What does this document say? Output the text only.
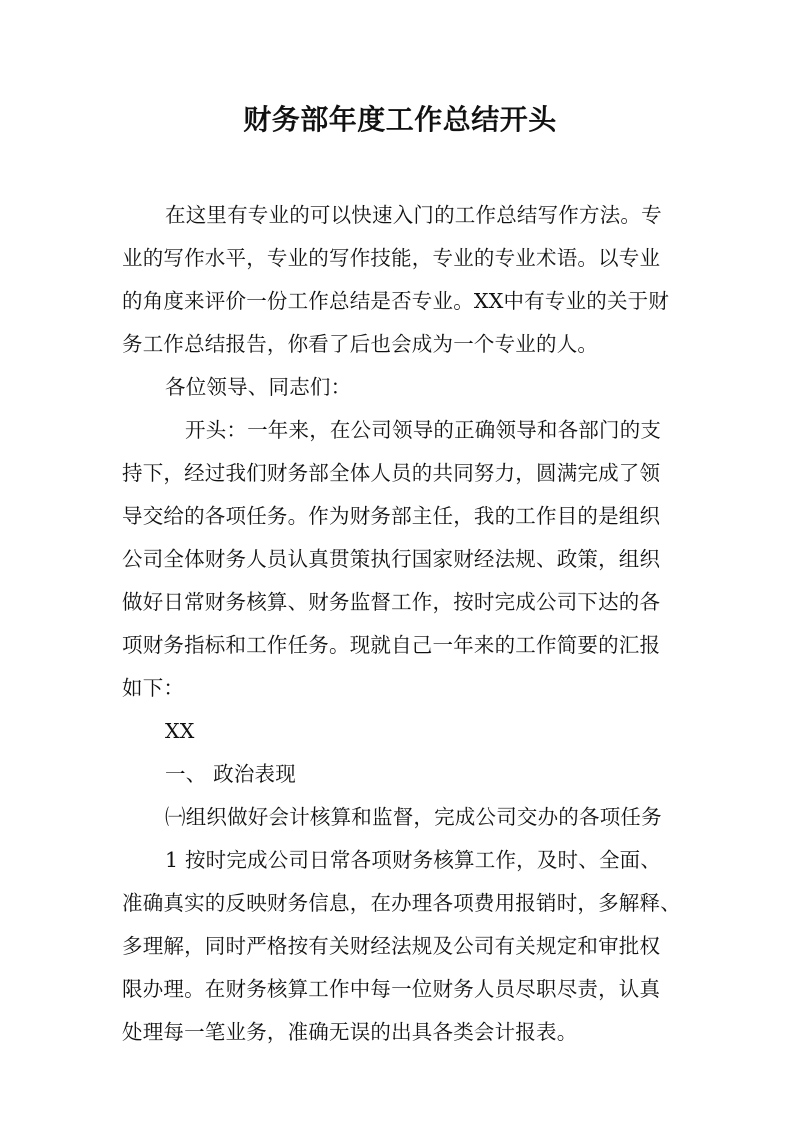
财务部年度工作总结开头
在这里有专业的可以快速入门的工作总结写作方法。专
业的写作水平，专业的写作技能，专业的专业术语。以专业
的角度来评价一份工作总结是否专业。XX中有专业的关于财
务工作总结报告，你看了后也会成为一个专业的人。
各位领导、同志们：
开头：一年来，在公司领导的正确领导和各部门的支
持下，经过我们财务部全体人员的共同努力，圆满完成了领
导交给的各项任务。作为财务部主任，我的工作目的是组织
公司全体财务人员认真贯策执行国家财经法规、政策，组织
做好日常财务核算、财务监督工作，按时完成公司下达的各
项财务指标和工作任务。现就自己一年来的工作简要的汇报
如下：
XX
一、 政治表现
㈠组织做好会计核算和监督，完成公司交办的各项任务
1 按时完成公司日常各项财务核算工作，及时、全面、
准确真实的反映财务信息，在办理各项费用报销时，多解释、
多理解，同时严格按有关财经法规及公司有关规定和审批权
限办理。在财务核算工作中每一位财务人员尽职尽责，认真
处理每一笔业务，准确无误的出具各类会计报表。
